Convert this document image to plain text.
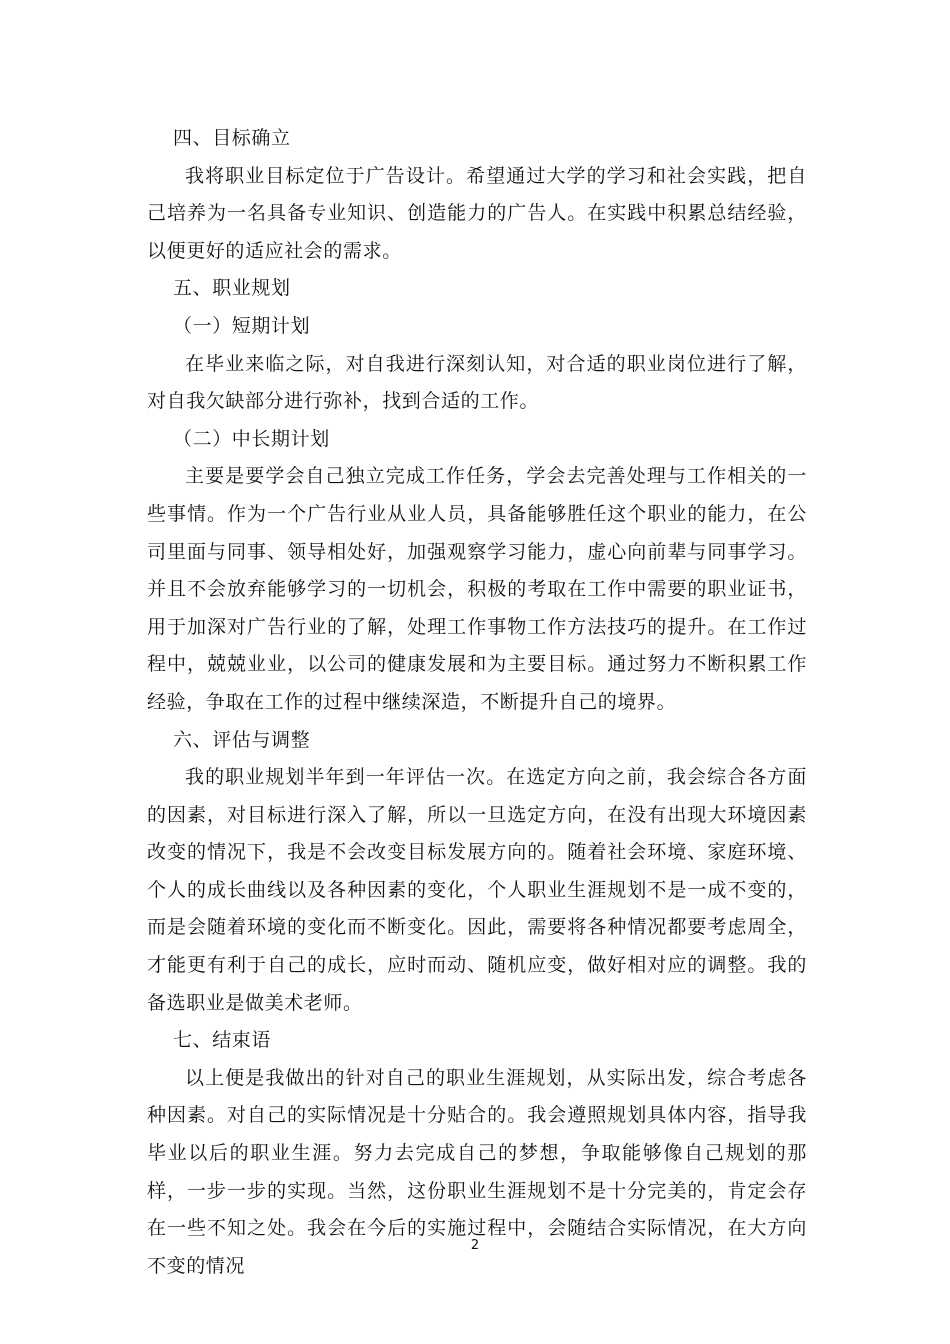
四、目标确立

我将职业目标定位于广告设计。希望通过大学的学习和社会实践，把自己培养为一名具备专业知识、创造能力的广告人。在实践中积累总结经验，以便更好的适应社会的需求。

五、职业规划

（一）短期计划

在毕业来临之际，对自我进行深刻认知，对合适的职业岗位进行了解，对自我欠缺部分进行弥补，找到合适的工作。

（二）中长期计划

主要是要学会自己独立完成工作任务，学会去完善处理与工作相关的一些事情。作为一个广告行业从业人员，具备能够胜任这个职业的能力，在公司里面与同事、领导相处好，加强观察学习能力，虚心向前辈与同事学习。并且不会放弃能够学习的一切机会，积极的考取在工作中需要的职业证书，用于加深对广告行业的了解，处理工作事物工作方法技巧的提升。在工作过程中，兢兢业业，以公司的健康发展和为主要目标。通过努力不断积累工作经验，争取在工作的过程中继续深造，不断提升自己的境界。

六、评估与调整

我的职业规划半年到一年评估一次。在选定方向之前，我会综合各方面的因素，对目标进行深入了解，所以一旦选定方向，在没有出现大环境因素改变的情况下，我是不会改变目标发展方向的。随着社会环境、家庭环境、个人的成长曲线以及各种因素的变化，个人职业生涯规划不是一成不变的，而是会随着环境的变化而不断变化。因此，需要将各种情况都要考虑周全，才能更有利于自己的成长，应时而动、随机应变，做好相对应的调整。我的备选职业是做美术老师。

七、结束语

以上便是我做出的针对自己的职业生涯规划，从实际出发，综合考虑各种因素。对自己的实际情况是十分贴合的。我会遵照规划具体内容，指导我毕业以后的职业生涯。努力去完成自己的梦想，争取能够像自己规划的那样，一步一步的实现。当然，这份职业生涯规划不是十分完美的，肯定会存在一些不知之处。我会在今后的实施过程中，会随结合实际情况，在大方向不变的情况

2
